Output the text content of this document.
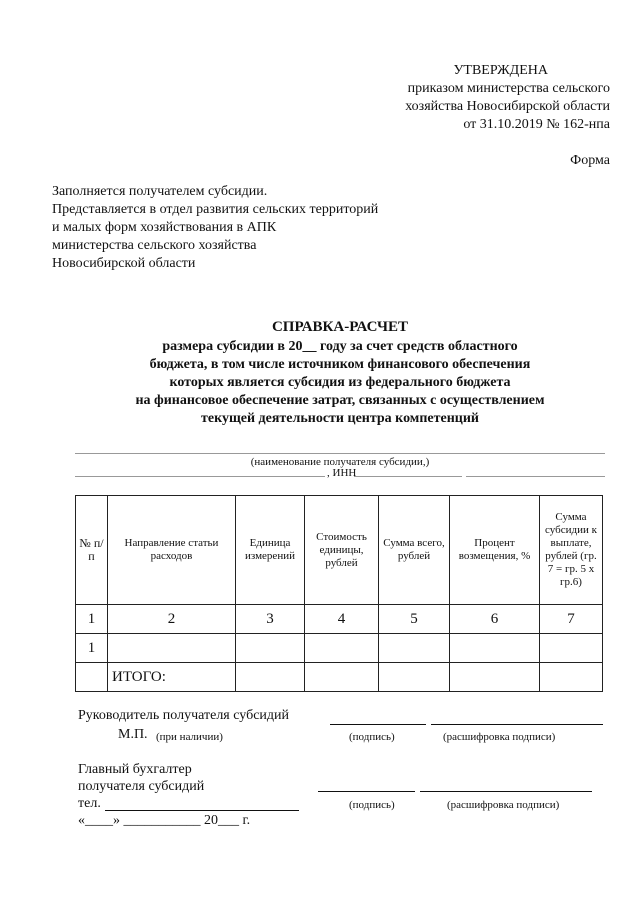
УТВЕРЖДЕНА
приказом министерства сельского
хозяйства Новосибирской области
от 31.10.2019 № 162-нпа
Форма
Заполняется получателем субсидии.
Представляется в отдел развития сельских территорий
и малых форм хозяйствования в АПК
министерства сельского хозяйства
Новосибирской области
СПРАВКА-РАСЧЕТ
размера субсидии в 20__ году за счет средств областного
бюджета, в том числе источником финансового обеспечения
которых является субсидия из федерального бюджета
на финансовое обеспечение затрат, связанных с осуществлением
текущей деятельности центра компетенций
(наименование получателя субсидии,)
, ИНН
№ п/п	Направление статьи расходов	Единица измерений	Стоимость единицы, рублей	Сумма всего, рублей	Процент возмещения, %	Сумма субсидии к выплате, рублей (гр. 7 = гр. 5 х гр.6)
1	2	3	4	5	6	7
1						
	ИТОГО:					
Руководитель получателя субсидий
М.П. (при наличии)	(подпись)	(расшифровка подписи)
Главный бухгалтер
получателя субсидий
тел.	(подпись)	(расшифровка подписи)
«____» ___________ 20___ г.
